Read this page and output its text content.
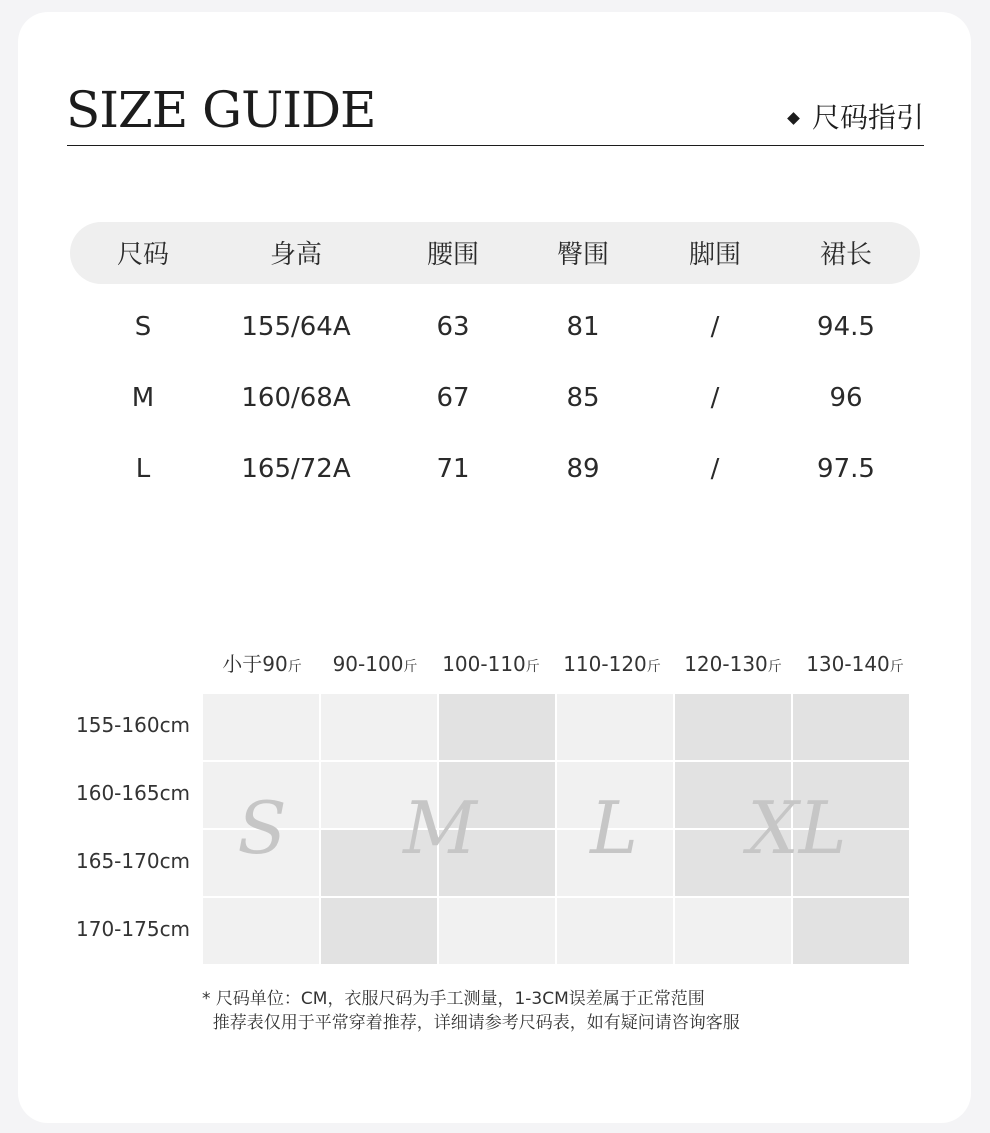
SIZE GUIDE	尺码指引
尺码	身高	腰围	臀围	脚围	裙长
S	155/64A	63	81	/	94.5
M	160/68A	67	85	/	96
L	165/72A	71	89	/	97.5
小于90斤 90-100斤 100-110斤 110-120斤 120-130斤 130-140斤
155-160cm
160-165cm
165-170cm
170-175cm
S M L XL
* 尺码单位：CM，衣服尺码为手工测量，1-3CM误差属于正常范围
推荐表仅用于平常穿着推荐，详细请参考尺码表，如有疑问请咨询客服
